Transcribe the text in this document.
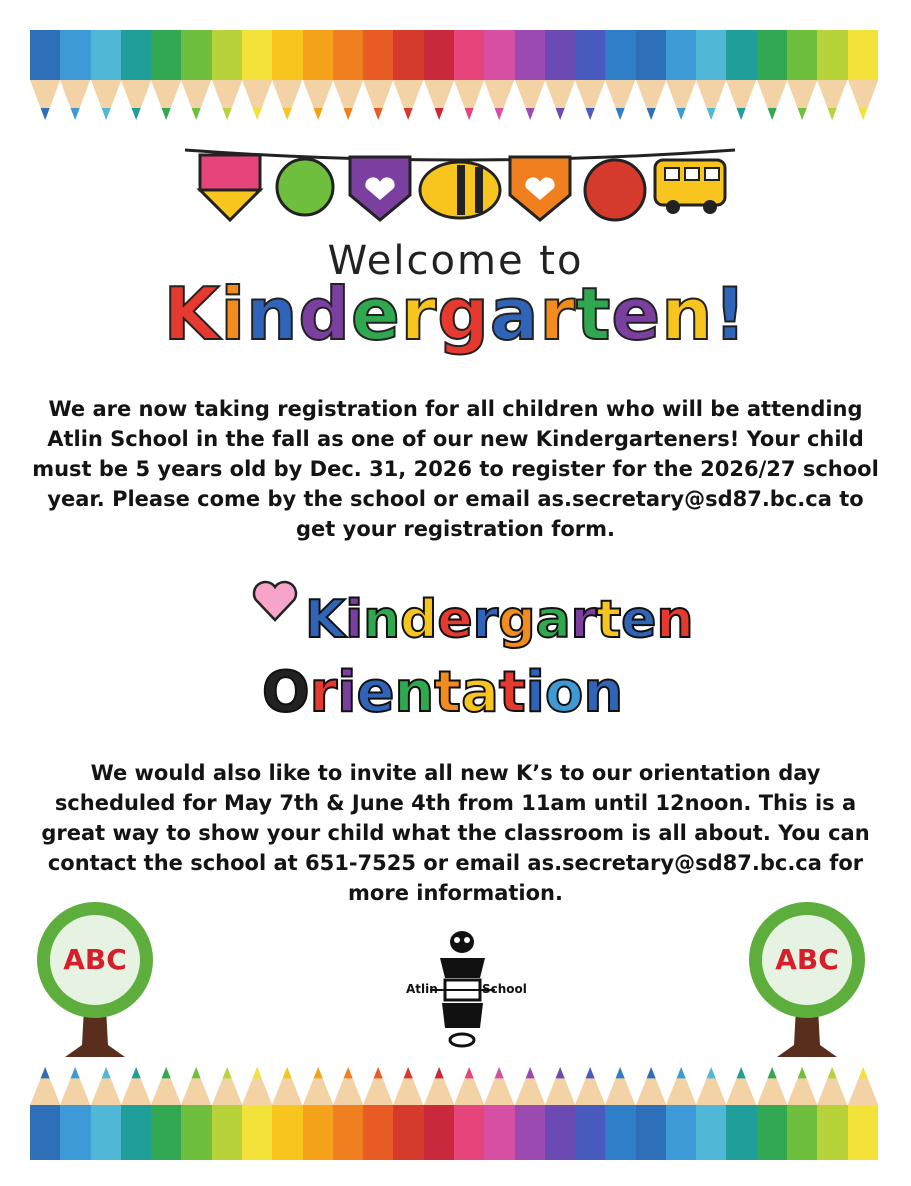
Welcome to
Kindergarten!
We are now taking registration for all children who will be attending Atlin School in the fall as one of our new Kindergarteners! Your child must be 5 years old by Dec. 31, 2026 to register for the 2026/27 school year. Please come by the school or email as.secretary@sd87.bc.ca to get your registration form.
Kindergarten
Orientation
We would also like to invite all new K’s to our orientation day scheduled for May 7th & June 4th from 11am until 12noon. This is a great way to show your child what the classroom is all about. You can contact the school at 651-7525 or email as.secretary@sd87.bc.ca for more information.
ABC	ABC
Atlin	School
